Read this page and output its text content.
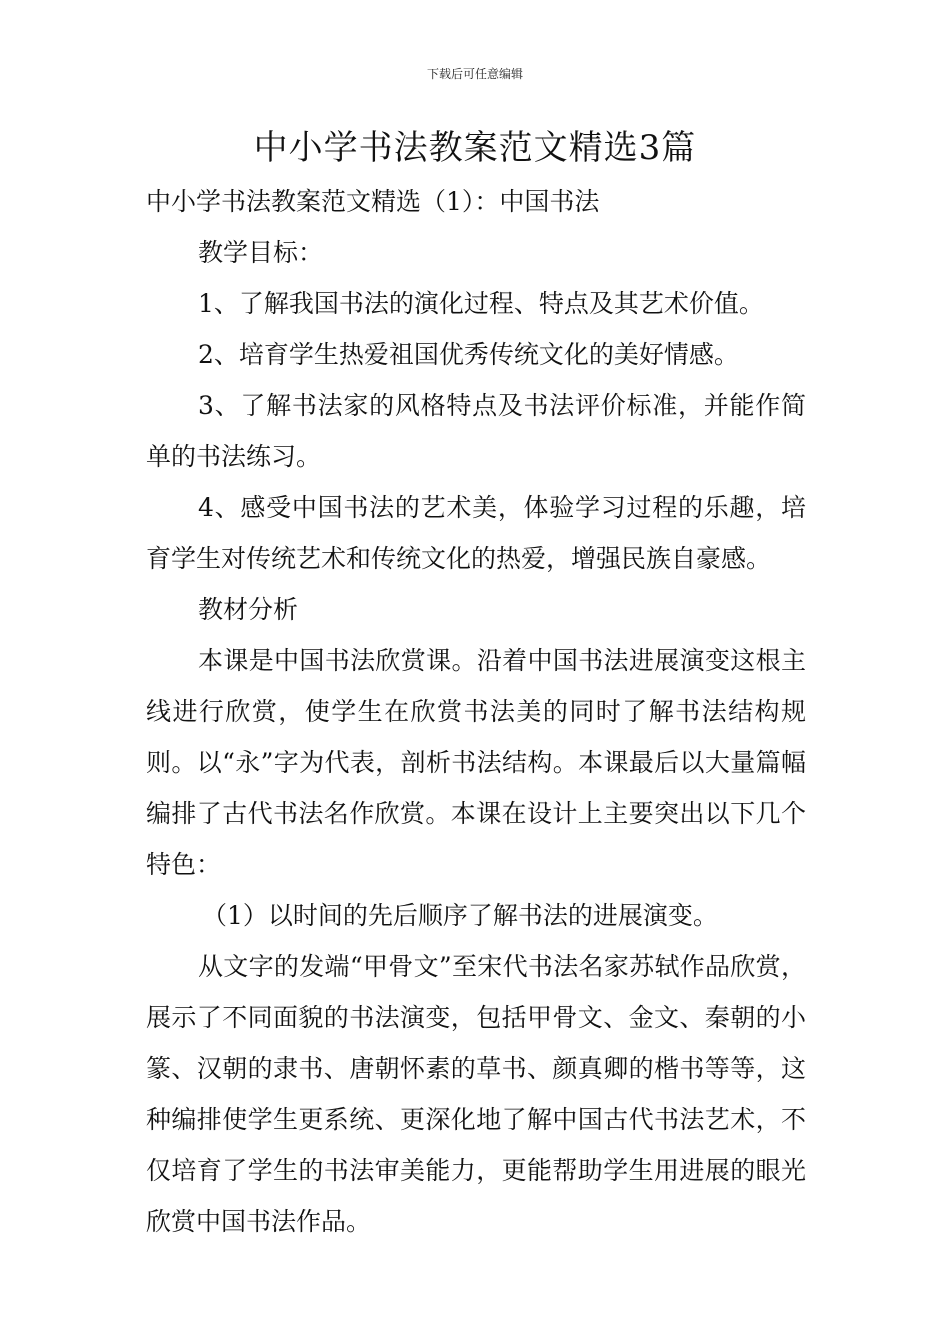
下载后可任意编辑
中小学书法教案范文精选3篇

中小学书法教案范文精选（1）：中国书法

教学目标：

1、了解我国书法的演化过程、特点及其艺术价值。

2、培育学生热爱祖国优秀传统文化的美好情感。

3、了解书法家的风格特点及书法评价标准，并能作简单的书法练习。

4、感受中国书法的艺术美，体验学习过程的乐趣，培育学生对传统艺术和传统文化的热爱，增强民族自豪感。

教材分析

本课是中国书法欣赏课。沿着中国书法进展演变这根主线进行欣赏，使学生在欣赏书法美的同时了解书法结构规则。以“永”字为代表，剖析书法结构。本课最后以大量篇幅编排了古代书法名作欣赏。本课在设计上主要突出以下几个特色：

（1）以时间的先后顺序了解书法的进展演变。

从文字的发端“甲骨文”至宋代书法名家苏轼作品欣赏，展示了不同面貌的书法演变，包括甲骨文、金文、秦朝的小篆、汉朝的隶书、唐朝怀素的草书、颜真卿的楷书等等，这种编排使学生更系统、更深化地了解中国古代书法艺术，不仅培育了学生的书法审美能力，更能帮助学生用进展的眼光欣赏中国书法作品。
